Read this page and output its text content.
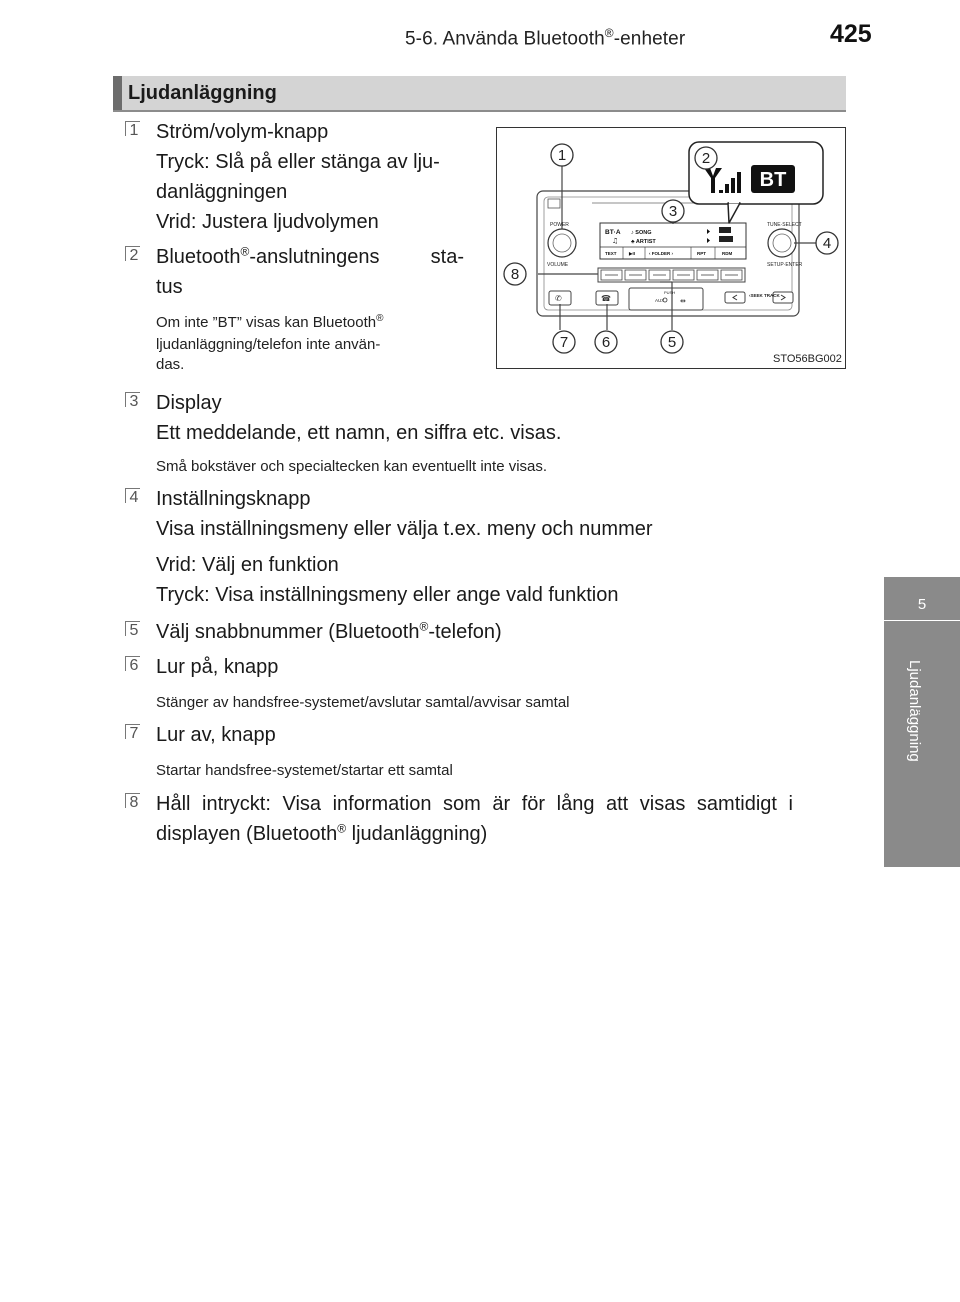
5-6. Använda Bluetooth®-enheter	425
5
Ljudanläggning
Ljudanläggning
1 Ström/volym-knapp
Tryck: Slå på eller stänga av lju-
danläggningen
Vrid: Justera ljudvolymen
2 Bluetooth®-anslutningens	sta-
tus
Om inte ”BT” visas kan Bluetooth®
ljudanläggning/telefon inte använ-
das.
POWER
VOLUME
TUNE·SELECT
SETUP·ENTER
BT·A ♪ SONG
♣ ARTIST
♫
TEXT	▶II	‹ FOLDER ›	RPT	RDM
✆	☎
PUSH
AUX ⇹
‹SEEK TRACK
BT
1	2
3
4
5
6
7
8
STO56BG002
3 Display
Ett meddelande, ett namn, en siffra etc. visas.
Små bokstäver och specialtecken kan eventuellt inte visas.
4 Inställningsknapp
Visa inställningsmeny eller välja t.ex. meny och nummer
Vrid: Välj en funktion
Tryck: Visa inställningsmeny eller ange vald funktion
5 Välj snabbnummer (Bluetooth®-telefon)
6 Lur på, knapp
Stänger av handsfree-systemet/avslutar samtal/avvisar samtal
7 Lur av, knapp
Startar handsfree-systemet/startar ett samtal
8 Håll intryckt: Visa information som är för lång att visas samtidigt i
displayen (Bluetooth® ljudanläggning)
